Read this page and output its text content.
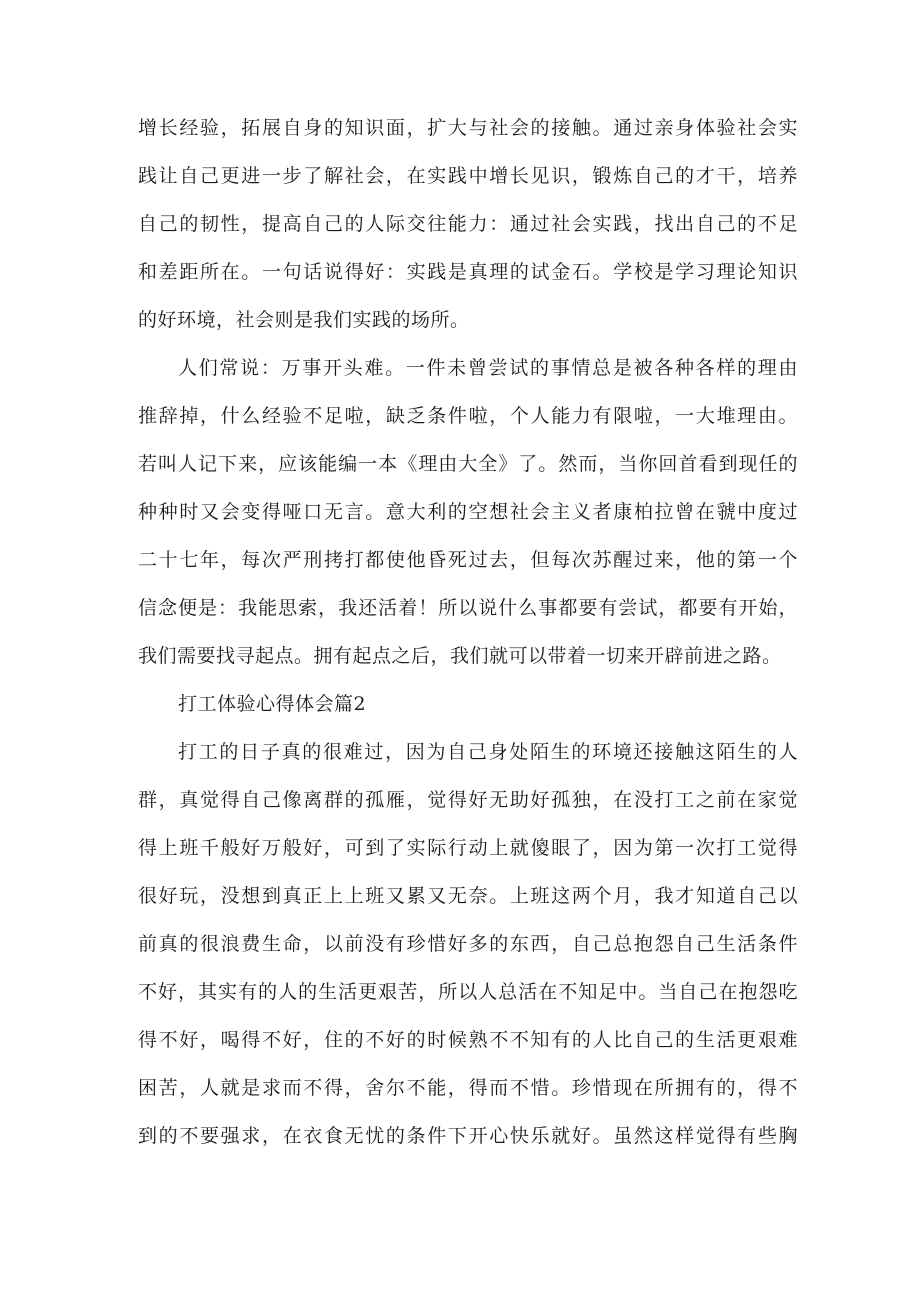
增长经验，拓展自身的知识面，扩大与社会的接触。通过亲身体验社会实
践让自己更进一步了解社会，在实践中增长见识，锻炼自己的才干，培养
自己的韧性，提高自己的人际交往能力：通过社会实践，找出自己的不足
和差距所在。一句话说得好：实践是真理的试金石。学校是学习理论知识
的好环境，社会则是我们实践的场所。
人们常说：万事开头难。一件未曾尝试的事情总是被各种各样的理由
推辞掉，什么经验不足啦，缺乏条件啦，个人能力有限啦，一大堆理由。
若叫人记下来，应该能编一本《理由大全》了。然而，当你回首看到现任的
种种时又会变得哑口无言。意大利的空想社会主义者康柏拉曾在虢中度过
二十七年，每次严刑拷打都使他昏死过去，但每次苏醒过来，他的第一个
信念便是：我能思索，我还活着！所以说什么事都要有尝试，都要有开始，
我们需要找寻起点。拥有起点之后，我们就可以带着一切来开辟前进之路。
打工体验心得体会篇2
打工的日子真的很难过，因为自己身处陌生的环境还接触这陌生的人
群，真觉得自己像离群的孤雁，觉得好无助好孤独，在没打工之前在家觉
得上班千般好万般好，可到了实际行动上就傻眼了，因为第一次打工觉得
很好玩，没想到真正上上班又累又无奈。上班这两个月，我才知道自己以
前真的很浪费生命，以前没有珍惜好多的东西，自己总抱怨自己生活条件
不好，其实有的人的生活更艰苦，所以人总活在不知足中。当自己在抱怨吃
得不好，喝得不好，住的不好的时候熟不不知有的人比自己的生活更艰难
困苦，人就是求而不得，舍尔不能，得而不惜。珍惜现在所拥有的，得不
到的不要强求，在衣食无忧的条件下开心快乐就好。虽然这样觉得有些胸
